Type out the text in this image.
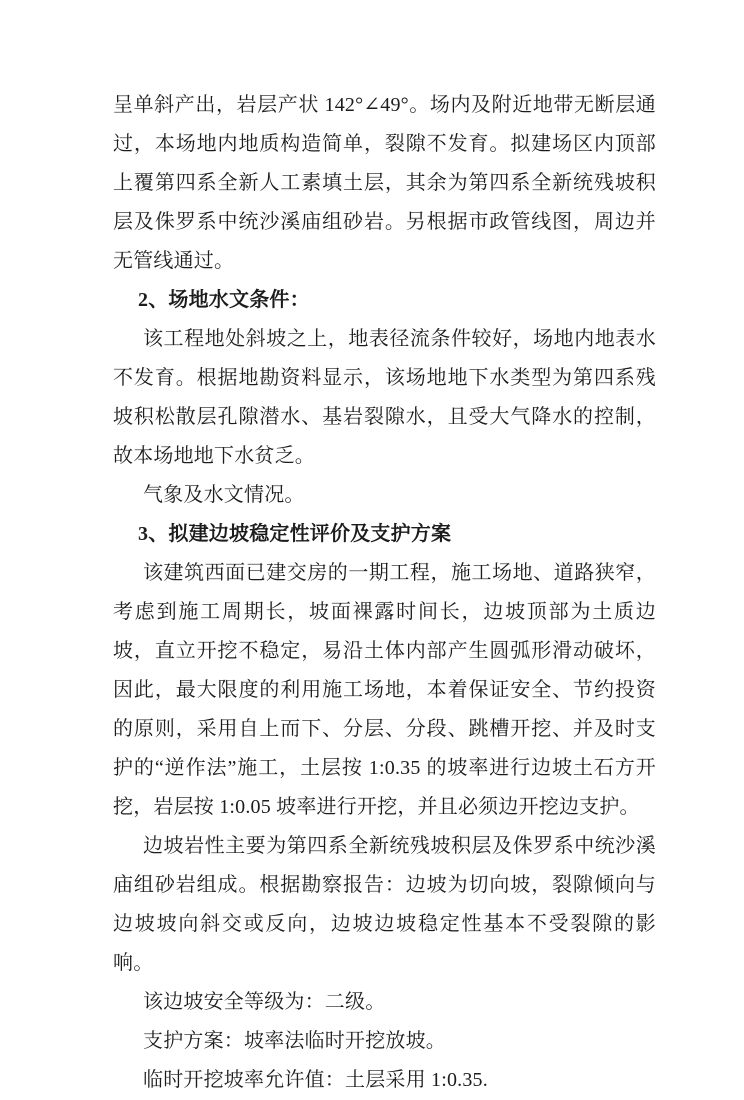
呈单斜产出，岩层产状 142°∠49°。场内及附近地带无断层通过，本场地内地质构造简单，裂隙不发育。拟建场区内顶部上覆第四系全新人工素填土层，其余为第四系全新统残坡积层及侏罗系中统沙溪庙组砂岩。另根据市政管线图，周边并无管线通过。

2、场地水文条件：

该工程地处斜坡之上，地表径流条件较好，场地内地表水不发育。根据地勘资料显示，该场地地下水类型为第四系残坡积松散层孔隙潜水、基岩裂隙水，且受大气降水的控制，故本场地地下水贫乏。

气象及水文情况。

3、拟建边坡稳定性评价及支护方案

该建筑西面已建交房的一期工程，施工场地、道路狭窄，考虑到施工周期长，坡面裸露时间长，边坡顶部为土质边坡，直立开挖不稳定，易沿土体内部产生圆弧形滑动破坏，因此，最大限度的利用施工场地，本着保证安全、节约投资的原则，采用自上而下、分层、分段、跳槽开挖、并及时支护的“逆作法”施工，土层按 1:0.35 的坡率进行边坡土石方开挖，岩层按 1:0.05 坡率进行开挖，并且必须边开挖边支护。

边坡岩性主要为第四系全新统残坡积层及侏罗系中统沙溪庙组砂岩组成。根据勘察报告：边坡为切向坡，裂隙倾向与边坡坡向斜交或反向，边坡边坡稳定性基本不受裂隙的影响。

该边坡安全等级为：二级。

支护方案：坡率法临时开挖放坡。

临时开挖坡率允许值：土层采用 1:0.35.
